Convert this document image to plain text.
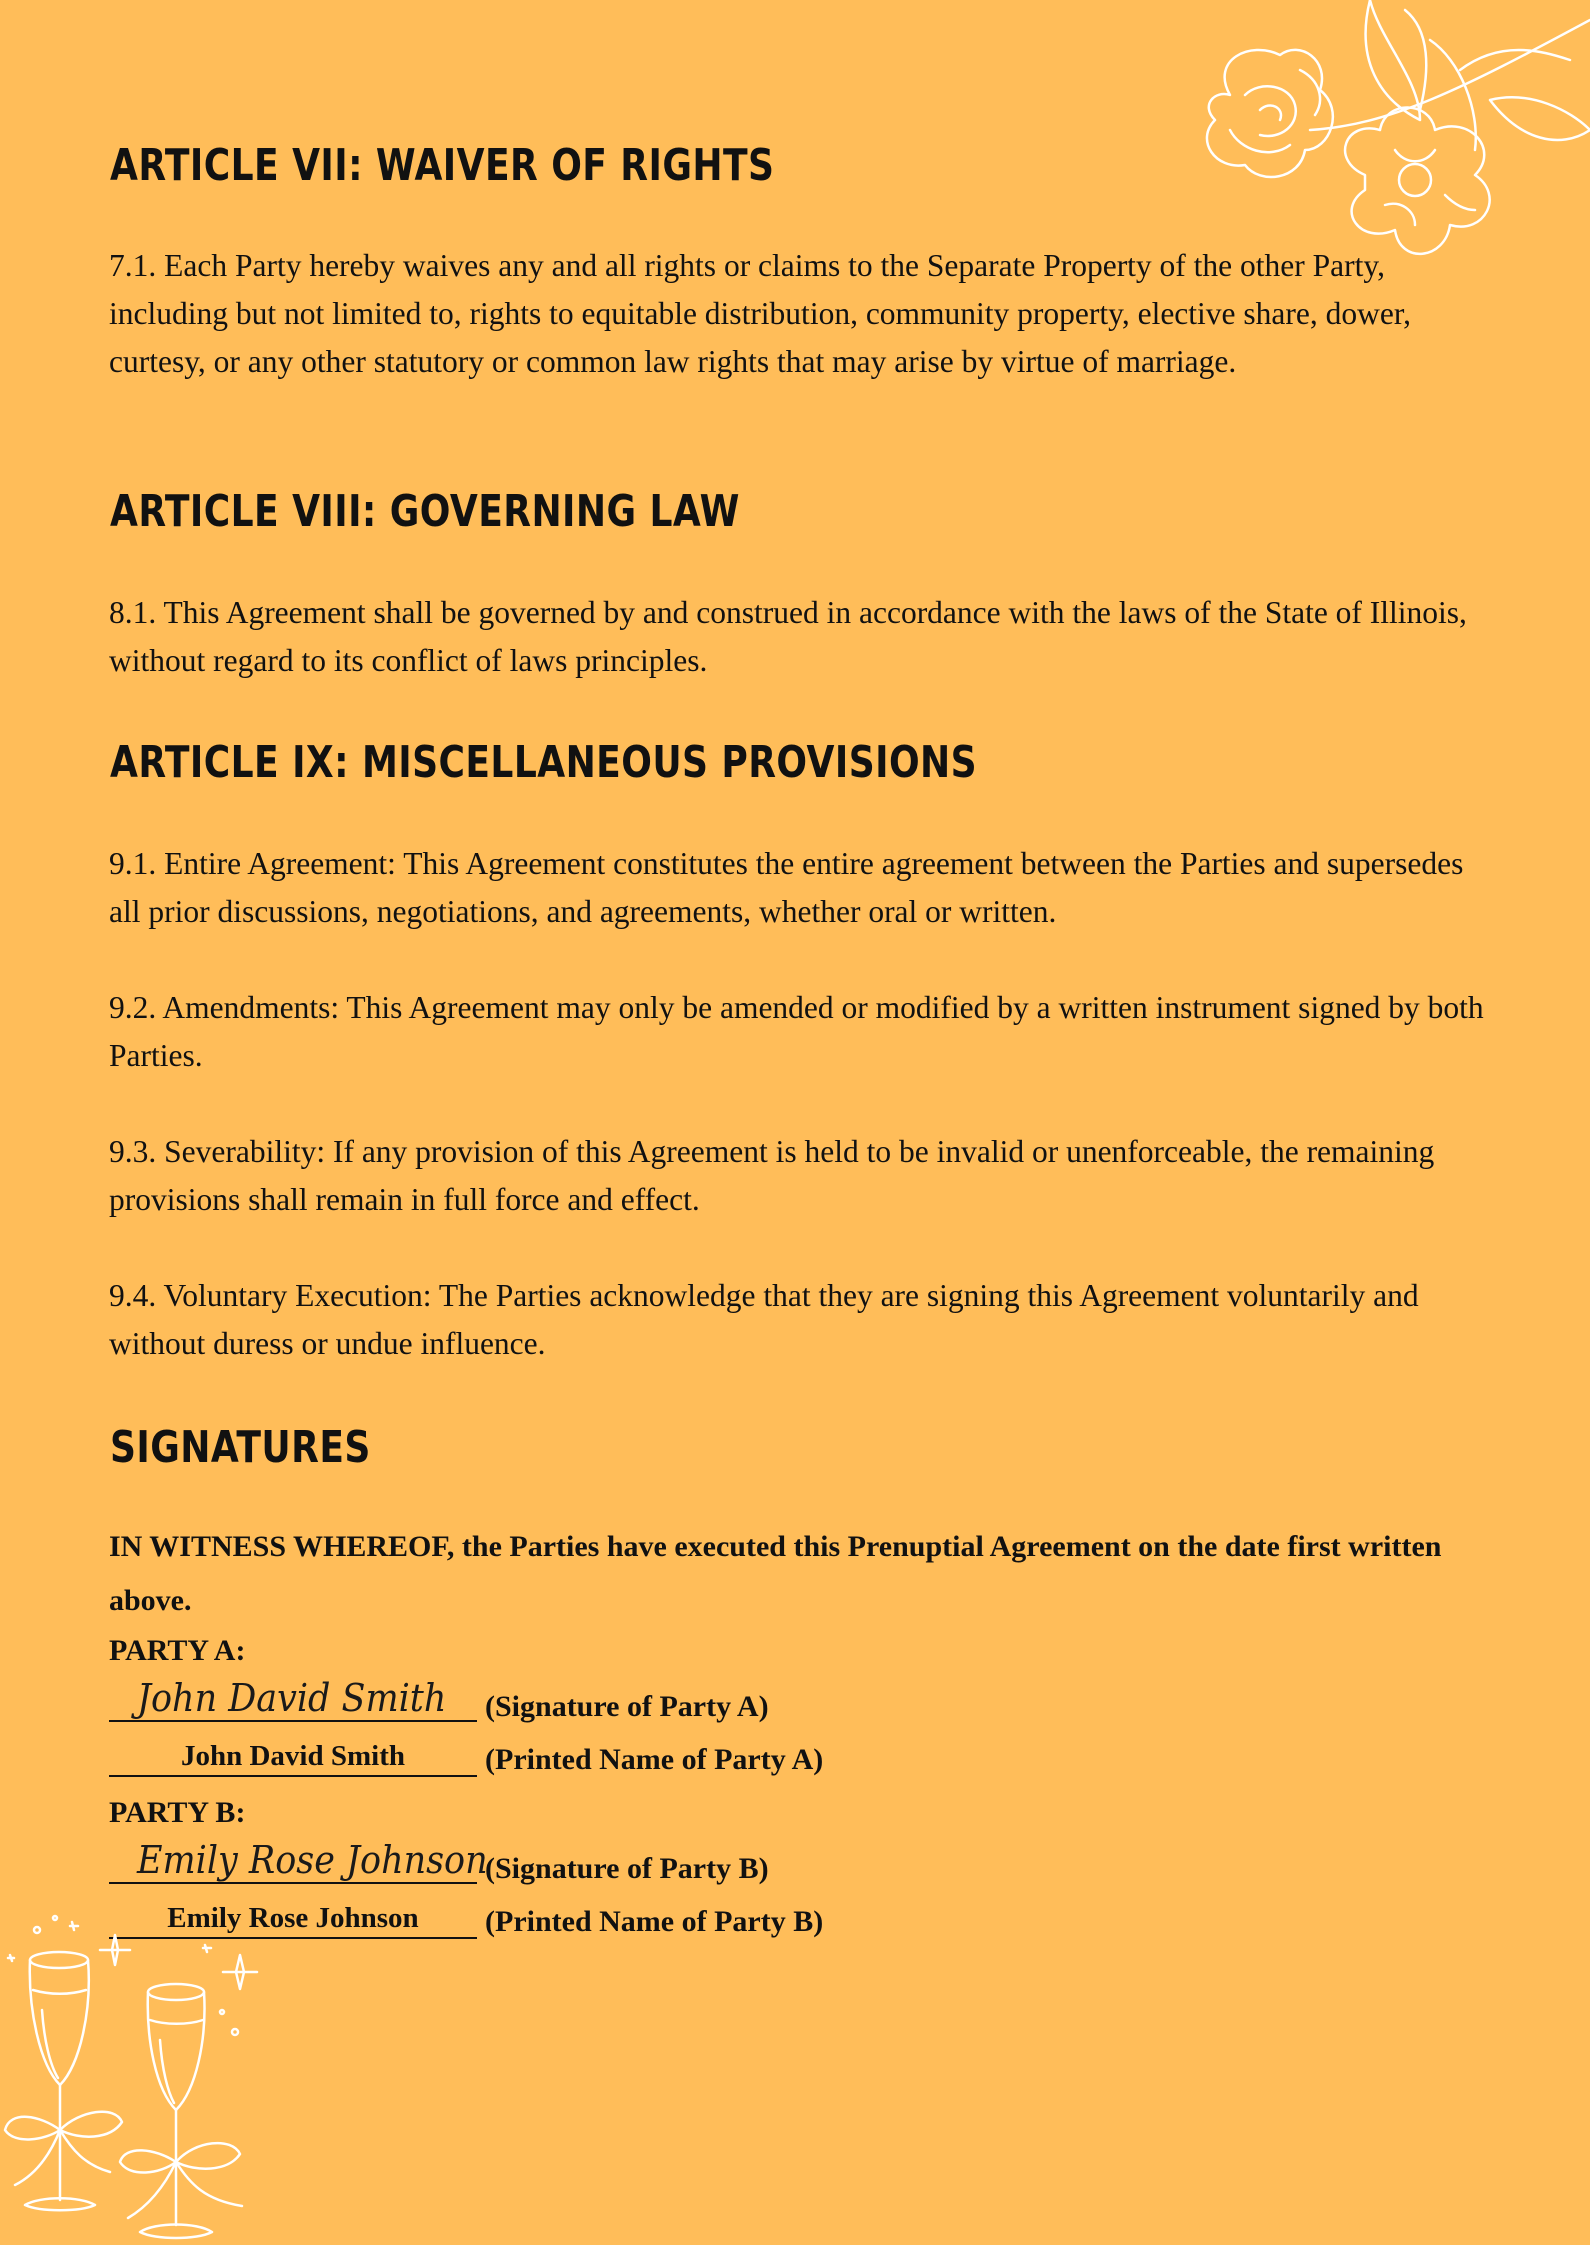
ARTICLE VII: WAIVER OF RIGHTS

7.1. Each Party hereby waives any and all rights or claims to the Separate Property of the other Party, including but not limited to, rights to equitable distribution, community property, elective share, dower, curtesy, or any other statutory or common law rights that may arise by virtue of marriage.

ARTICLE VIII: GOVERNING LAW

8.1. This Agreement shall be governed by and construed in accordance with the laws of the State of Illinois, without regard to its conflict of laws principles.

ARTICLE IX: MISCELLANEOUS PROVISIONS

9.1. Entire Agreement: This Agreement constitutes the entire agreement between the Parties and supersedes all prior discussions, negotiations, and agreements, whether oral or written.

9.2. Amendments: This Agreement may only be amended or modified by a written instrument signed by both Parties.

9.3. Severability: If any provision of this Agreement is held to be invalid or unenforceable, the remaining provisions shall remain in full force and effect.

9.4. Voluntary Execution: The Parties acknowledge that they are signing this Agreement voluntarily and without duress or undue influence.

SIGNATURES

IN WITNESS WHEREOF, the Parties have executed this Prenuptial Agreement on the date first written above.

PARTY A:
John David Smith (Signature of Party A)
John David Smith	(Printed Name of Party A)
PARTY B:
Emily Rose Johnson
(Signature of Party B)
Emily Rose Johnson	(Printed Name of Party B)
